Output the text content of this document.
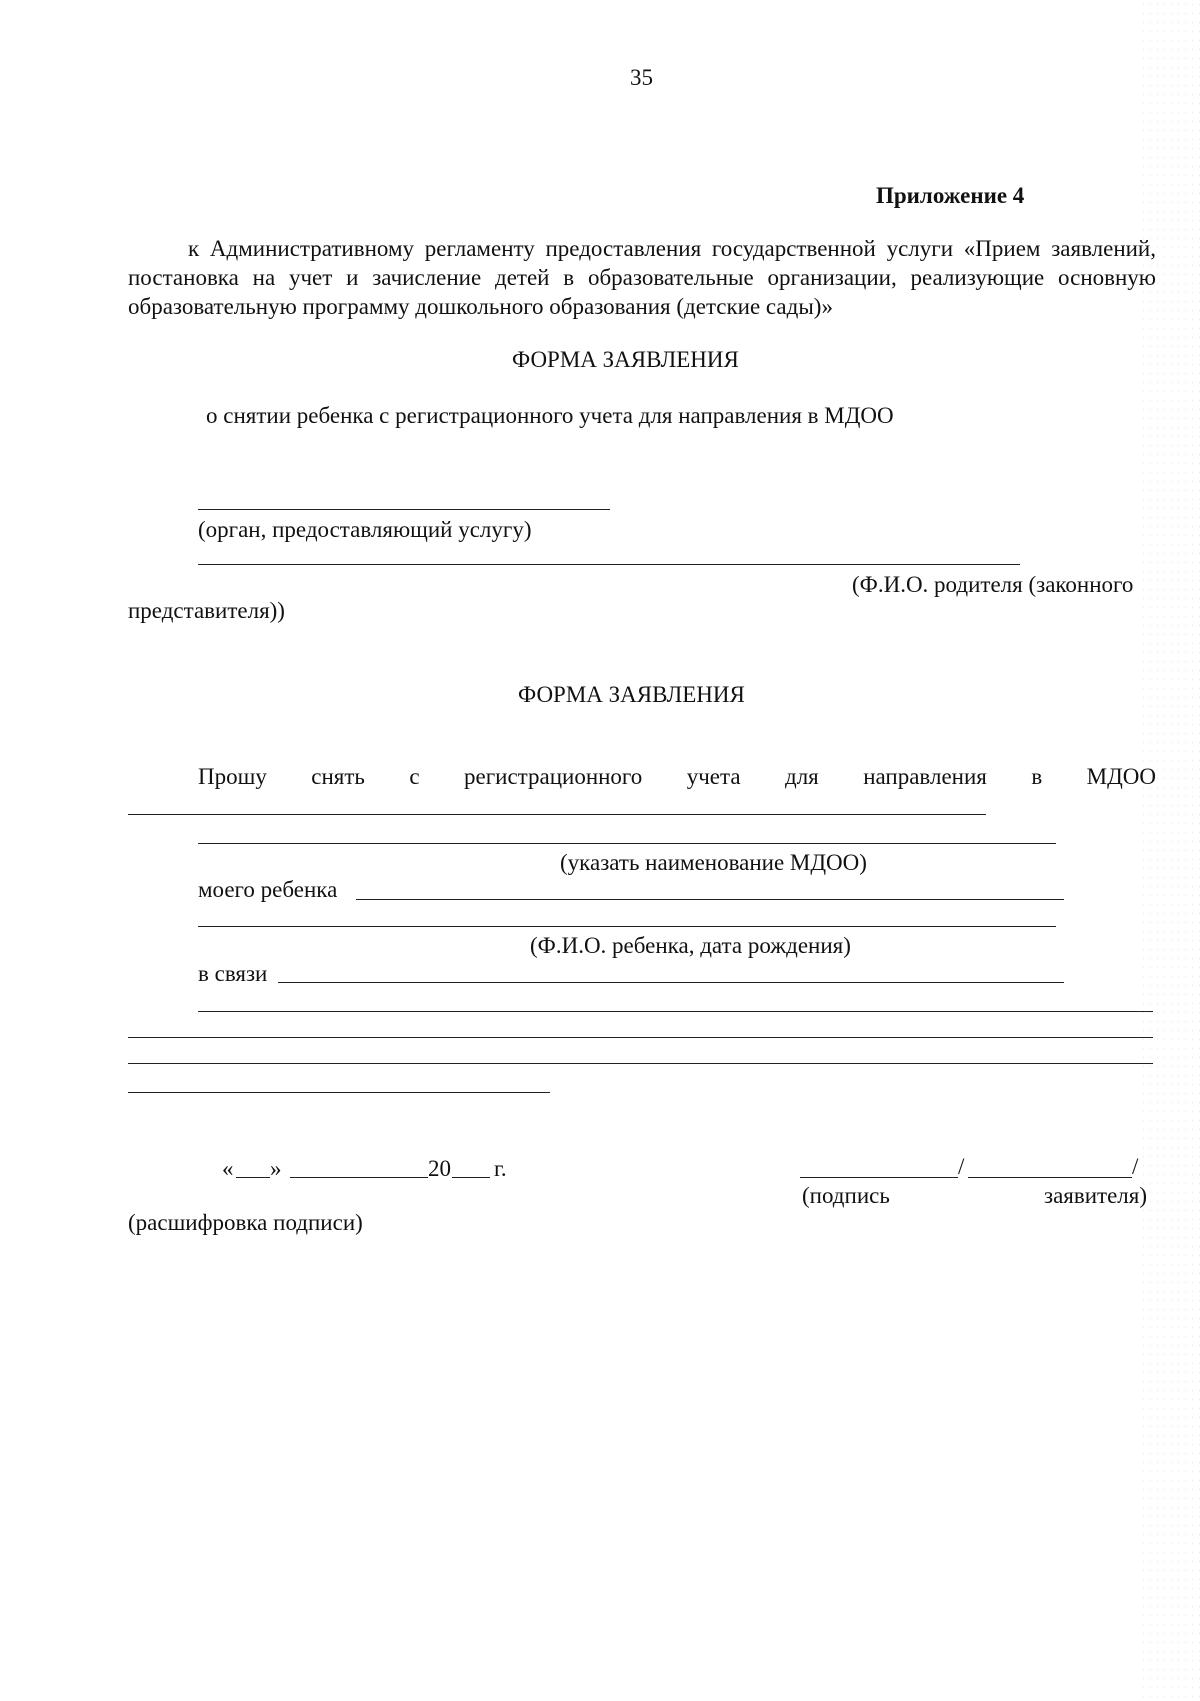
35
Приложение 4
к Административному регламенту предоставления государственной услуги «Прием заявлений, постановка на учет и зачисление детей в образовательные организации, реализующие основную образовательную программу дошкольного образования (детские сады)»
ФОРМА ЗАЯВЛЕНИЯ
о снятии ребенка с регистрационного учета для направления в МДОО
(орган, предоставляющий услугу)
(Ф.И.О. родителя (законного
представителя))
ФОРМА ЗАЯВЛЕНИЯ
Прошу снять с регистрационного учета для направления в МДОО
(указать наименование МДОО)
моего ребенка
(Ф.И.О. ребенка, дата рождения)
в связи
« »	20 г.	/	/
(подпись	заявителя)
(расшифровка подписи)
